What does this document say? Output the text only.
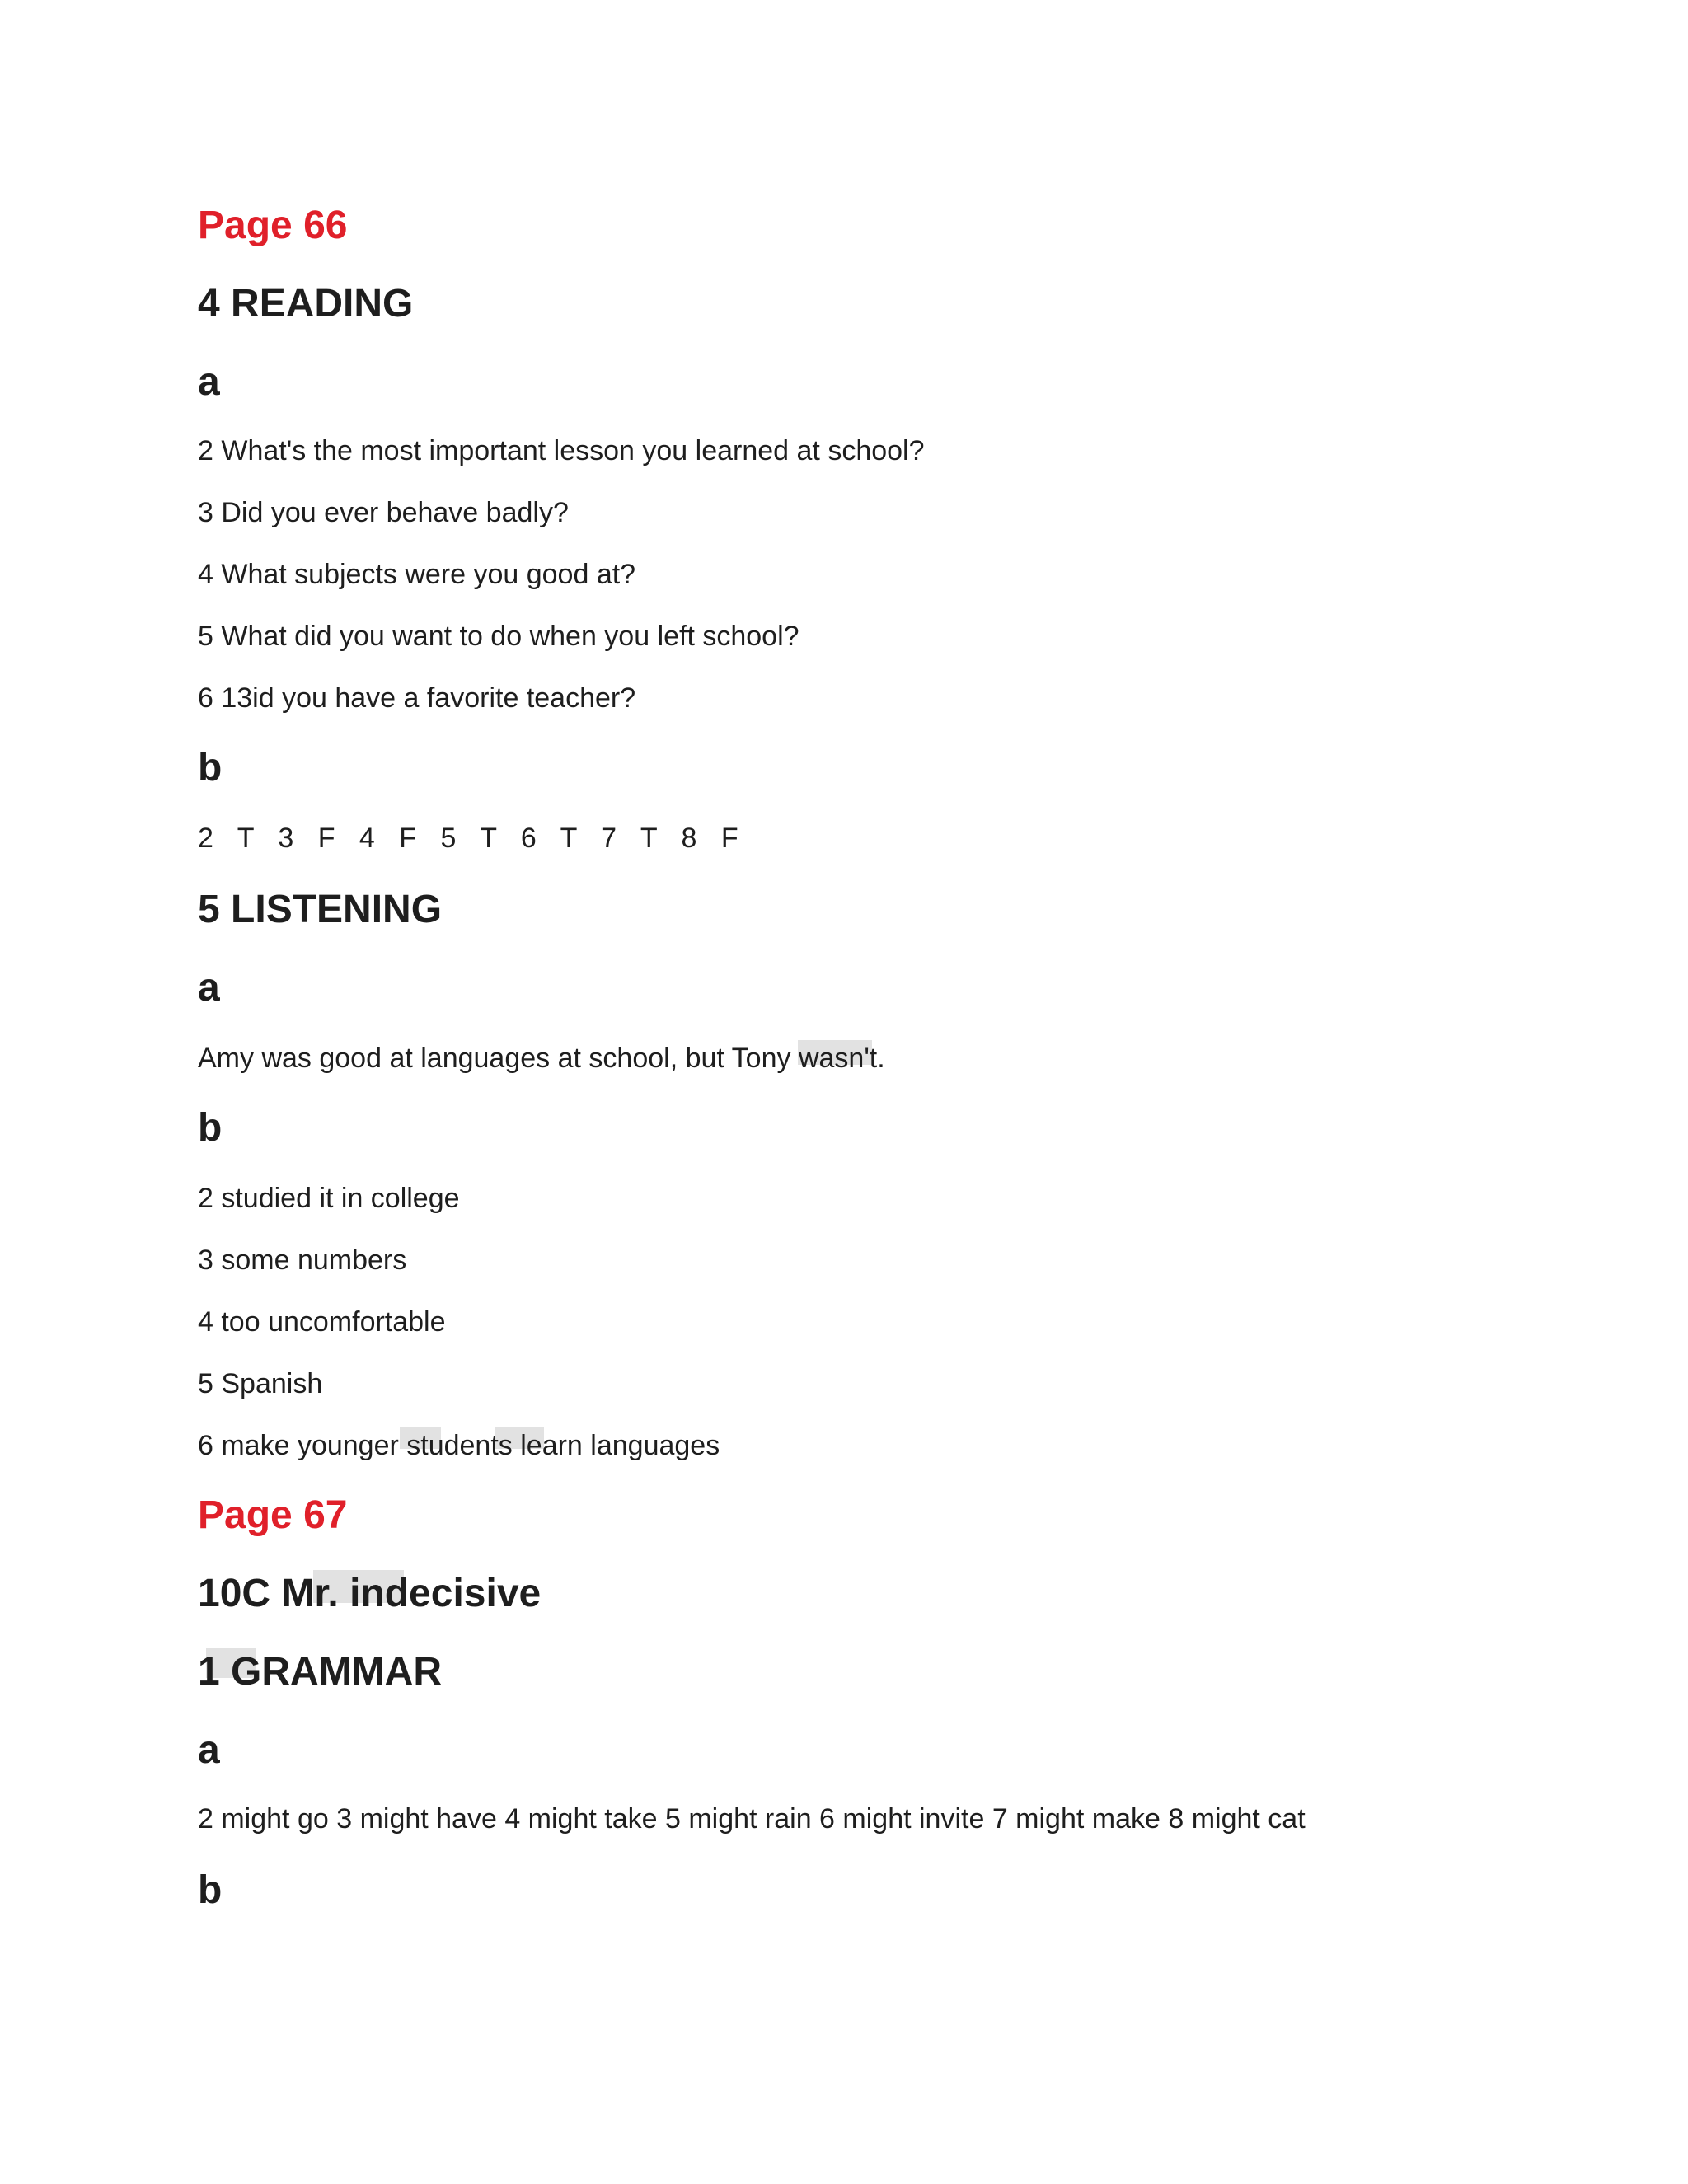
Page 66
4 READING
a
2 What's the most important lesson you learned at school?
3 Did you ever behave badly?
4 What subjects were you good at?
5 What did you want to do when you left school?
6 13id you have a favorite teacher?
b
2 T 3 F 4 F 5 T 6 T 7 T 8 F
5 LISTENING
a
Amy was good at languages at school, but Tony wasn't.
b
2 studied it in college
3 some numbers
4 too uncomfortable
5 Spanish
6 make younger students learn languages
Page 67
10C Mr. indecisive
1 GRAMMAR
a
2 might go 3 might have 4 might take 5 might rain 6 might invite 7 might make 8 might cat
b
